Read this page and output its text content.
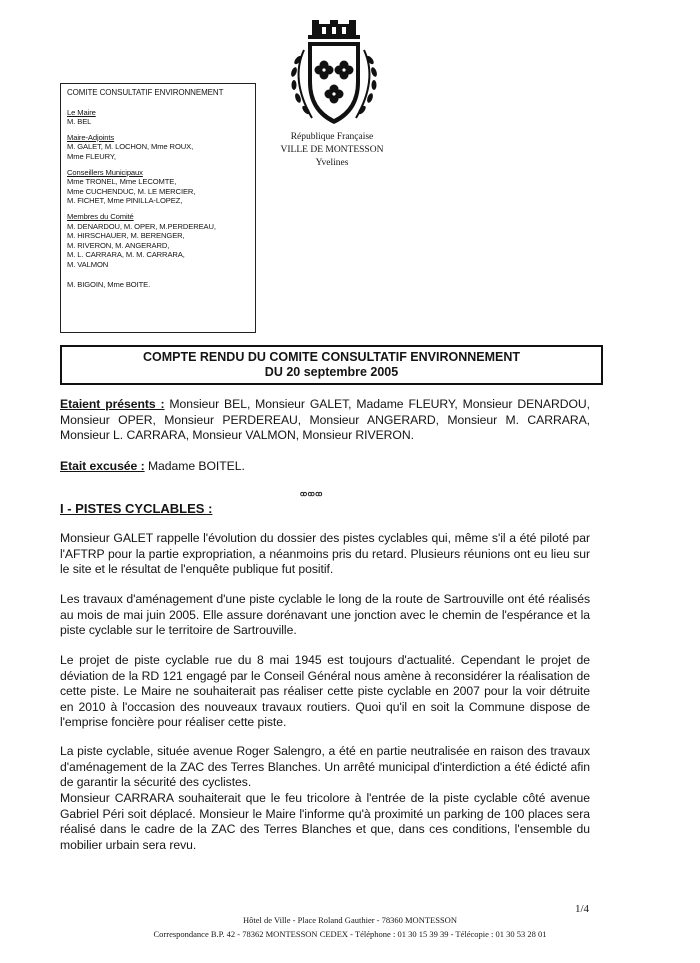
COMITE CONSULTATIF ENVIRONNEMENT
Le Maire
M. BEL
Maire-Adjoints
M. GALET, M. LOCHON, Mme ROUX,
Mme FLEURY,
Conseillers Municipaux
Mme TRONEL, Mme LECOMTE,
Mme CUCHENDUC, M. LE MERCIER,
M. FICHET, Mme PINILLA-LOPEZ,
Membres du Comité
M. DENARDOU, M. OPER, M.PERDEREAU,
M. HIRSCHAUER, M. BERENGER,
M. RIVERON, M. ANGERARD,
M. L. CARRARA, M. M. CARRARA,
M. VALMON
M. BIGOIN, Mme BOITE.
République Française
VILLE DE MONTESSON
Yvelines
COMPTE RENDU DU COMITE CONSULTATIF ENVIRONNEMENT
DU 20 septembre 2005
Etaient présents : Monsieur BEL, Monsieur GALET, Madame FLEURY, Monsieur DENARDOU, Monsieur OPER, Monsieur PERDEREAU, Monsieur ANGERARD, Monsieur M. CARRARA, Monsieur L. CARRARA, Monsieur VALMON, Monsieur RIVERON.
Etait excusée : Madame BOITEL.
ꝏꝏꝏ
I - PISTES CYCLABLES :
Monsieur GALET rappelle l'évolution du dossier des pistes cyclables qui, même s'il a été piloté par l'AFTRP pour la partie expropriation, a néanmoins pris du retard. Plusieurs réunions ont eu lieu sur le site et le résultat de l'enquête publique fut positif.
Les travaux d'aménagement d'une piste cyclable le long de la route de Sartrouville ont été réalisés au mois de mai juin 2005. Elle assure dorénavant une jonction avec le chemin de l'espérance et la piste cyclable sur le territoire de Sartrouville.
Le projet de piste cyclable rue du 8 mai 1945 est toujours d'actualité. Cependant le projet de déviation de la RD 121 engagé par le Conseil Général nous amène à reconsidérer la réalisation de cette piste. Le Maire ne souhaiterait pas réaliser cette piste cyclable en 2007 pour la voir détruite en 2010 à l'occasion des nouveaux travaux routiers. Quoi qu'il en soit la Commune dispose de l'emprise foncière pour réaliser cette piste.
La piste cyclable, située avenue Roger Salengro, a été en partie neutralisée en raison des travaux d'aménagement de la ZAC des Terres Blanches. Un arrêté municipal d'interdiction a été édicté afin de garantir la sécurité des cyclistes.
Monsieur CARRARA souhaiterait que le feu tricolore à l'entrée de la piste cyclable côté avenue Gabriel Péri soit déplacé. Monsieur le Maire l'informe qu'à proximité un parking de 100 places sera réalisé dans le cadre de la ZAC des Terres Blanches et que, dans ces conditions, l'ensemble du mobilier urbain sera revu.
1/4
Hôtel de Ville - Place Roland Gauthier - 78360 MONTESSON
Correspondance B.P. 42 - 78362 MONTESSON CEDEX - Téléphone : 01 30 15 39 39 - Télécopie : 01 30 53 28 01
